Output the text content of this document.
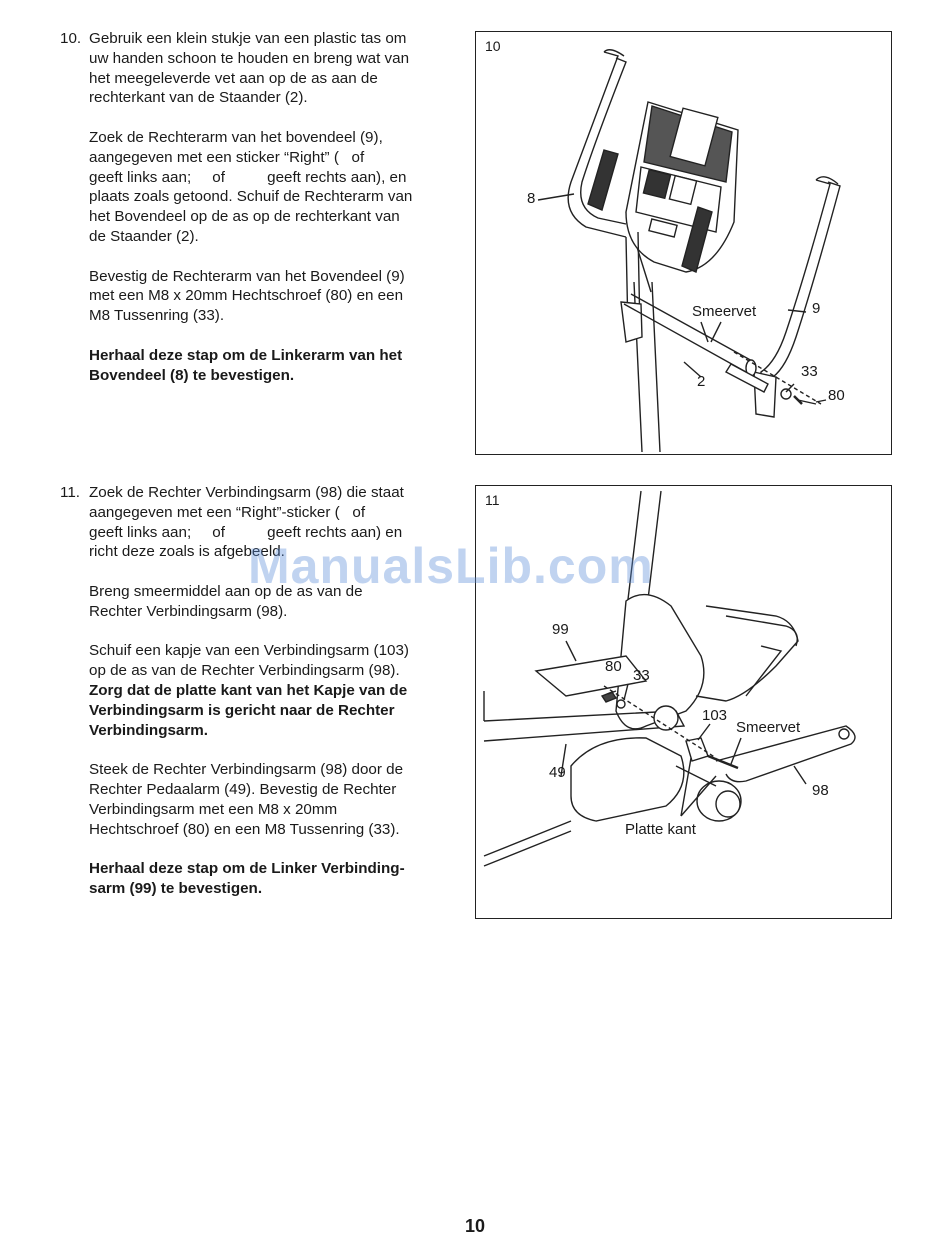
10. Gebruik een klein stukje van een plastic tas om
uw handen schoon te houden en breng wat van
het meegeleverde vet aan op de as aan de
rechterkant van de Staander (2).

Zoek de Rechterarm van het bovendeel (9),
aangegeven met een sticker “Right” (   of
geeft links aan;     of          geeft rechts aan), en
plaats zoals getoond. Schuif de Rechterarm van
het Bovendeel op de as op de rechterkant van
de Staander (2).

Bevestig de Rechterarm van het Bovendeel (9)
met een M8 x 20mm Hechtschroef (80) en een
M8 Tussenring (33).

Herhaal deze stap om de Linkerarm van het
Bovendeel (8) te bevestigen.

10
8
9
Smeervet
2
33
80
11. Zoek de Rechter Verbindingsarm (98) die staat
aangegeven met een “Right”-sticker (   of
geeft links aan;     of          geeft rechts aan) en
richt deze zoals is afgebeeld.

Breng smeermiddel aan op de as van de
Rechter Verbindingsarm (98).

Schuif een kapje van een Verbindingsarm (103)
op de as van de Rechter Verbindingsarm (98).
Zorg dat de platte kant van het Kapje van de
Verbindingsarm is gericht naar de Rechter
Verbindingsarm.

Steek de Rechter Verbindingsarm (98) door de
Rechter Pedaalarm (49). Bevestig de Rechter
Verbindingsarm met een M8 x 20mm
Hechtschroef (80) en een M8 Tussenring (33).

Herhaal deze stap om de Linker Verbinding-
sarm (99) te bevestigen.

11
99
80
33
103
Smeervet
49
98
Platte kant
ManualsLib.com
10
